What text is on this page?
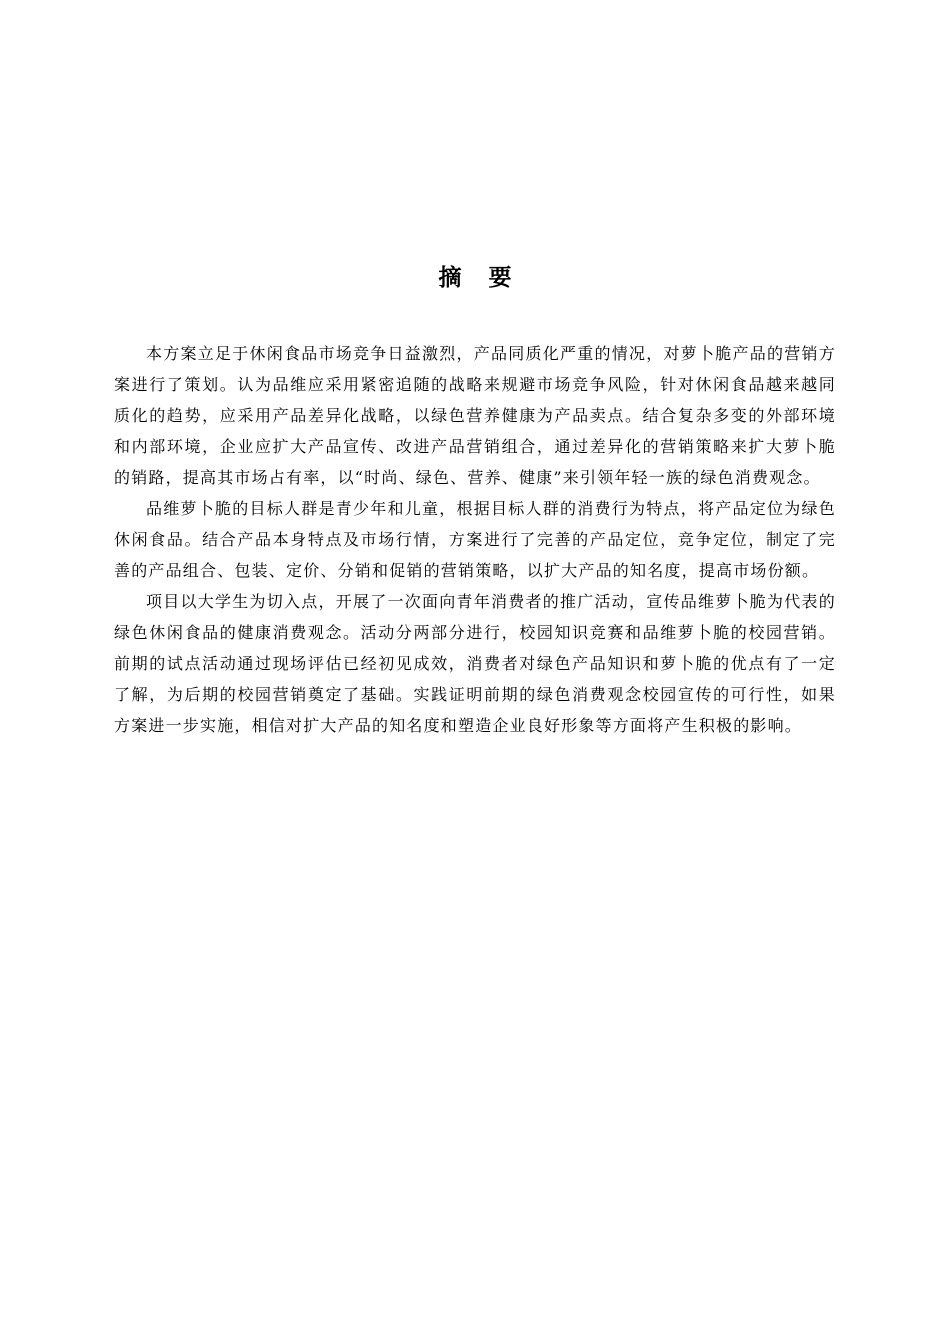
摘要

本方案立足于休闲食品市场竞争日益激烈，产品同质化严重的情况，对萝卜脆产品的营销方案进行了策划。认为品维应采用紧密追随的战略来规避市场竞争风险，针对休闲食品越来越同质化的趋势，应采用产品差异化战略，以绿色营养健康为产品卖点。结合复杂多变的外部环境和内部环境，企业应扩大产品宣传、改进产品营销组合，通过差异化的营销策略来扩大萝卜脆的销路，提高其市场占有率，以“时尚、绿色、营养、健康”来引领年轻一族的绿色消费观念。

品维萝卜脆的目标人群是青少年和儿童，根据目标人群的消费行为特点，将产品定位为绿色休闲食品。结合产品本身特点及市场行情，方案进行了完善的产品定位，竞争定位，制定了完善的产品组合、包装、定价、分销和促销的营销策略，以扩大产品的知名度，提高市场份额。

项目以大学生为切入点，开展了一次面向青年消费者的推广活动，宣传品维萝卜脆为代表的绿色休闲食品的健康消费观念。活动分两部分进行，校园知识竞赛和品维萝卜脆的校园营销。前期的试点活动通过现场评估已经初见成效，消费者对绿色产品知识和萝卜脆的优点有了一定了解，为后期的校园营销奠定了基础。实践证明前期的绿色消费观念校园宣传的可行性，如果方案进一步实施，相信对扩大产品的知名度和塑造企业良好形象等方面将产生积极的影响。
